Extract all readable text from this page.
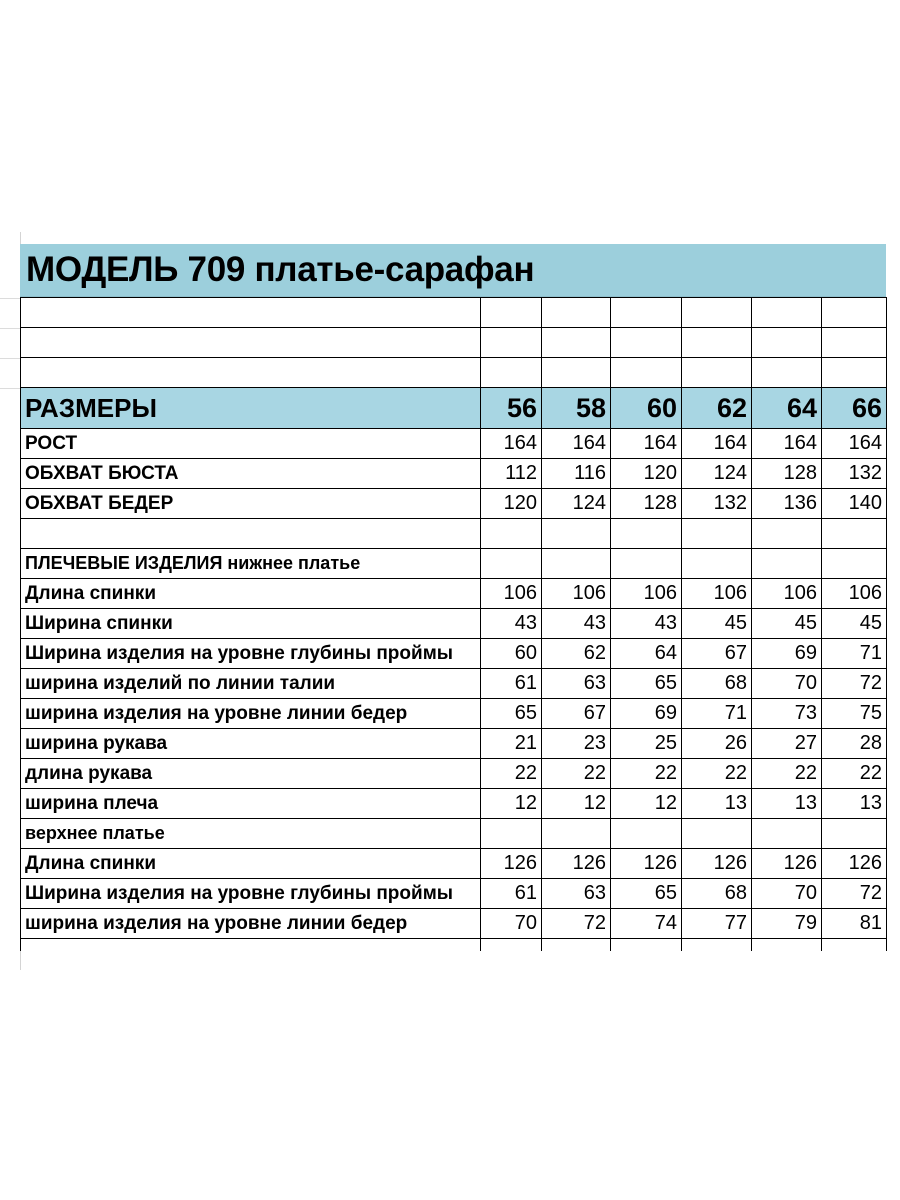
МОДЕЛЬ 709 платье-сарафан

РАЗМЕРЫ	56	58	60	62	64	66
РОСТ	164	164	164	164	164	164
ОБХВАТ БЮСТА	112	116	120	124	128	132
ОБХВАТ БЕДЕР	120	124	128	132	136	140

ПЛЕЧЕВЫЕ ИЗДЕЛИЯ нижнее платье						
Длина спинки	106	106	106	106	106	106
Ширина спинки	43	43	43	45	45	45
Ширина изделия на уровне глубины проймы	60	62	64	67	69	71
ширина изделий по линии талии	61	63	65	68	70	72
ширина изделия на уровне линии бедер	65	67	69	71	73	75
ширина рукава	21	23	25	26	27	28
длина рукава	22	22	22	22	22	22
ширина плеча	12	12	12	13	13	13
верхнее платье						
Длина спинки	126	126	126	126	126	126
Ширина изделия на уровне глубины проймы	61	63	65	68	70	72
ширина изделия на уровне линии бедер	70	72	74	77	79	81
